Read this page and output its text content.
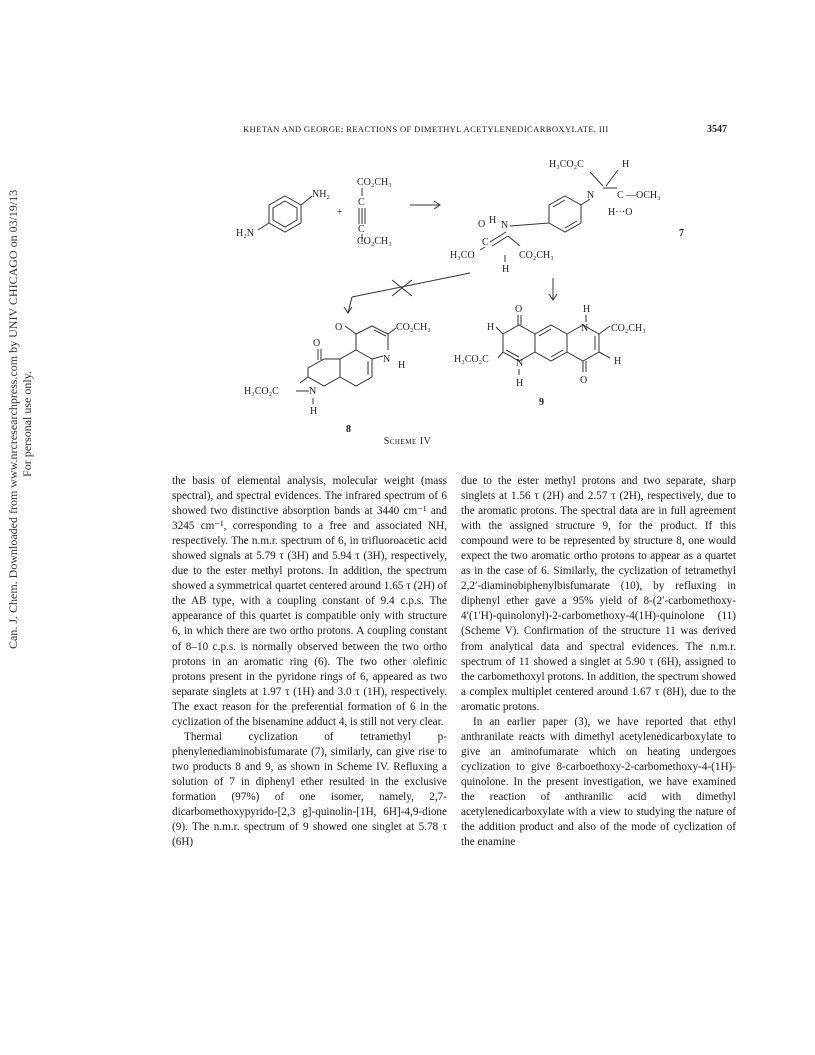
KHETAN AND GEORGE: REACTIONS OF DIMETHYL ACETYLENEDICARBOXYLATE. III	3547
Can. J. Chem. Downloaded from www.nrcresearchpress.com by UNIV CHICAGO on 03/19/13 For personal use only.
NH₂
H₂N
+
CO₂CH₃
C
C
CO₂CH₃
H₃CO₂C	H
N C —OCH₃
H···O
N
H
O
C
H₃CO	CO₂CH₃
H
7
O	CO₂CH₃
N
H
O
N
H₃CO₂C
H
8
O	H
H	N CO₂CH₃
H
O
H₃CO₂C	N
H
9
Scheme IV

the basis of elemental analysis, molecular weight (mass spectral), and spectral evidences. The infrared spectrum of 6 showed two distinctive absorption bands at 3440 cm⁻¹ and 3245 cm⁻¹, corresponding to a free and associated NH, respectively. The n.m.r. spectrum of 6, in trifluoroacetic acid showed signals at 5.79 τ (3H) and 5.94 τ (3H), respectively, due to the ester methyl protons. In addition, the spectrum showed a symmetrical quartet centered around 1.65 τ (2H) of the AB type, with a coupling constant of 9.4 c.p.s. The appearance of this quartet is compatible only with structure 6, in which there are two ortho protons. A coupling constant of 8–10 c.p.s. is normally observed between the two ortho protons in an aromatic ring (6). The two other olefinic protons present in the pyridone rings of 6, appeared as two separate singlets at 1.97 τ (1H) and 3.0 τ (1H), respectively. The exact reason for the preferential formation of 6 in the cyclization of the bisenamine adduct 4, is still not very clear.

Thermal cyclization of tetramethyl p-phenylenediaminobisfumarate (7), similarly, can give rise to two products 8 and 9, as shown in Scheme IV. Refluxing a solution of 7 in diphenyl ether resulted in the exclusive formation (97%) of one isomer, namely, 2,7-dicarbomethoxypyrido-[2,3 g]-quinolin-[1H, 6H]-4,9-dione (9). The n.m.r. spectrum of 9 showed one singlet at 5.78 τ (6H)

due to the ester methyl protons and two separate, sharp singlets at 1.56 τ (2H) and 2.57 τ (2H), respectively, due to the aromatic protons. The spectral data are in full agreement with the assigned structure 9, for the product. If this compound were to be represented by structure 8, one would expect the two aromatic ortho protons to appear as a quartet as in the case of 6. Similarly, the cyclization of tetramethyl 2,2′-diaminobiphenylbisfumarate (10), by refluxing in diphenyl ether gave a 95% yield of 8-(2′-carbomethoxy-4′(1′H)-quinolonyl)-2-carbomethoxy-4(1H)-quinolone (11) (Scheme V). Confirmation of the structure 11 was derived from analytical data and spectral evidences. The n.m.r. spectrum of 11 showed a singlet at 5.90 τ (6H), assigned to the carbomethoxyl protons. In addition, the spectrum showed a complex multiplet centered around 1.67 τ (8H), due to the aromatic protons.

In an earlier paper (3), we have reported that ethyl anthranilate reacts with dimethyl acetylenedicarboxylate to give an aminofumarate which on heating undergoes cyclization to give 8-carboethoxy-2-carbomethoxy-4-(1H)-quinolone. In the present investigation, we have examined the reaction of anthranilic acid with dimethyl acetylenedicarboxylate with a view to studying the nature of the addition product and also of the mode of cyclization of the enamine
